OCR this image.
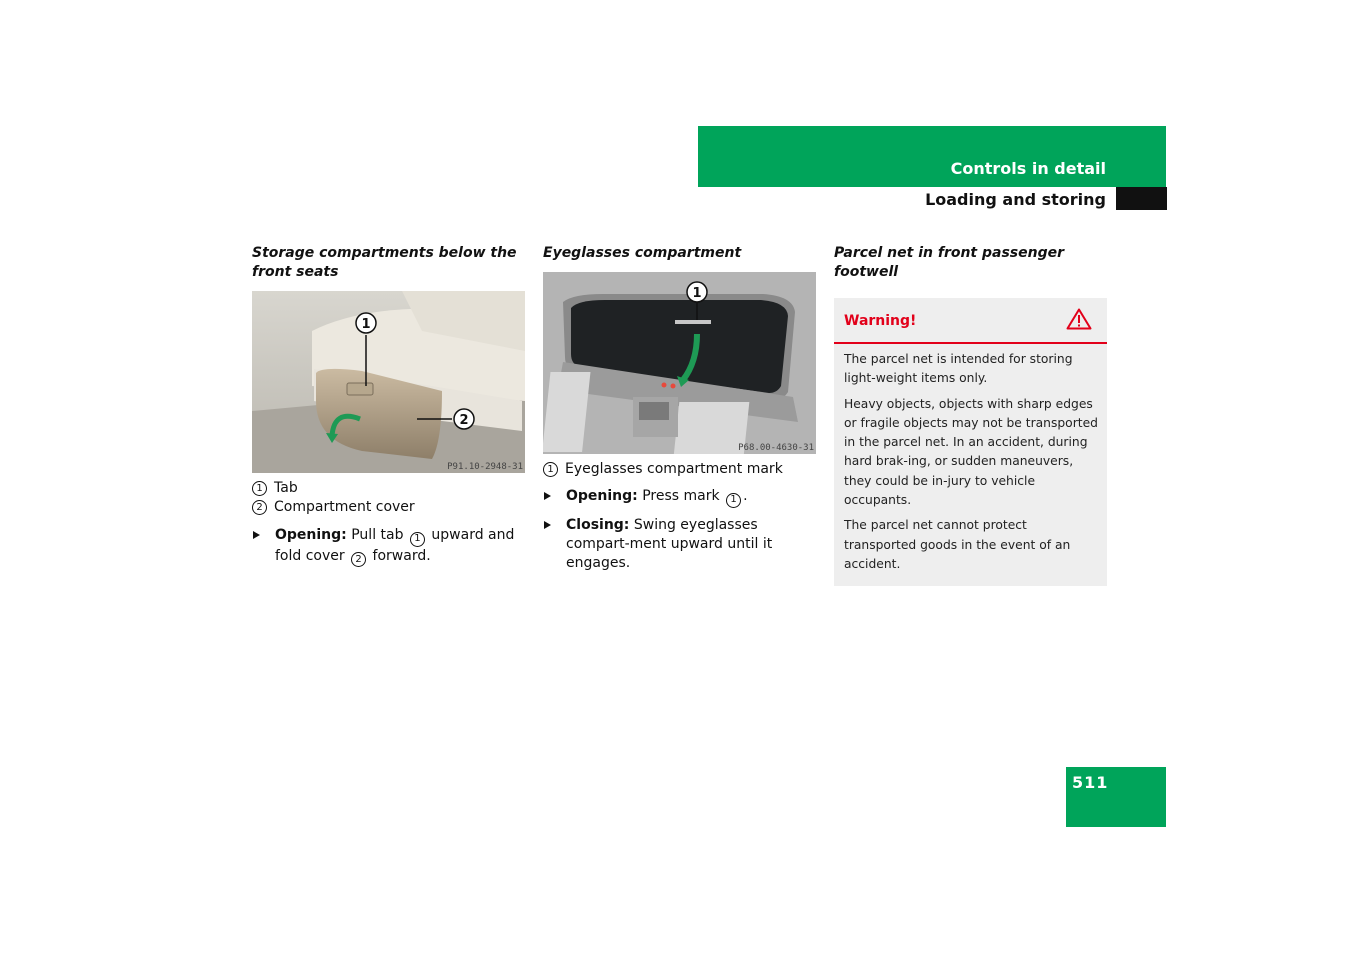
Controls in detail
Loading and storing
Storage compartments below the front seats
1
2
P91.10-2948-31
1 Tab
2 Compartment cover
Opening: Pull tab 1 upward and fold cover 2 forward.
Eyeglasses compartment
1
P68.00-4630-31
1 Eyeglasses compartment mark
Opening: Press mark 1 .
Closing: Swing eyeglasses compart-ment upward until it engages.
Parcel net in front passenger footwell
Warning!

The parcel net is intended for storing light-weight items only.

Heavy objects, objects with sharp edges or fragile objects may not be transported in the parcel net. In an accident, during hard brak-ing, or sudden maneuvers, they could be in-jury to vehicle occupants.

The parcel net cannot protect transported goods in the event of an accident.

511
